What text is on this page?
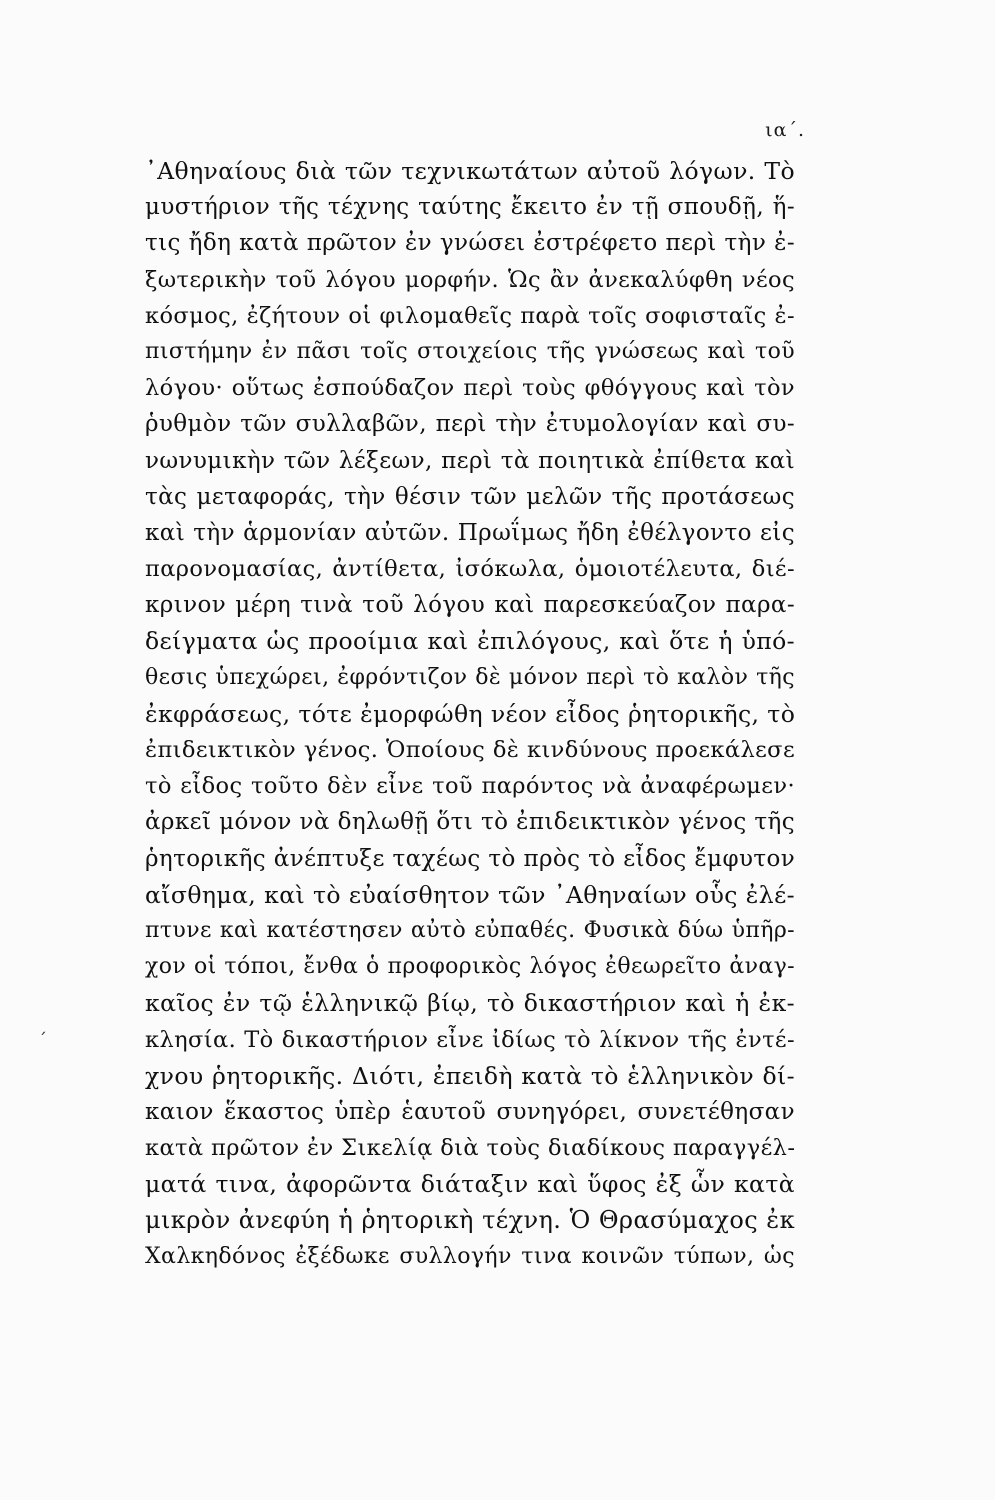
ια΄.
´
᾿Αθηναίους διὰ τῶν τεχνικωτάτων αὐτοῦ λόγων. Τὸ
μυστήριον τῆς τέχνης ταύτης ἔκειτο ἐν τῇ σπουδῇ, ἥ-
τις ἤδη κατὰ πρῶτον ἐν γνώσει ἐστρέφετο περὶ τὴν ἐ-
ξωτερικὴν τοῦ λόγου μορφήν. Ὡς ἂν ἀνεκαλύφθη νέος
κόσμος, ἐζήτουν οἱ φιλομαθεῖς παρὰ τοῖς σοφισταῖς ἐ-
πιστήμην ἐν πᾶσι τοῖς στοιχείοις τῆς γνώσεως καὶ τοῦ
λόγου· οὕτως ἐσπούδαζον περὶ τοὺς φθόγγους καὶ τὸν
ῥυθμὸν τῶν συλλαβῶν, περὶ τὴν ἐτυμολογίαν καὶ συ-
νωνυμικὴν τῶν λέξεων, περὶ τὰ ποιητικὰ ἐπίθετα καὶ
τὰς μεταφοράς, τὴν θέσιν τῶν μελῶν τῆς προτάσεως
καὶ τὴν ἁρμονίαν αὐτῶν. Πρωΐμως ἤδη ἐθέλγοντο εἰς
παρονομασίας, ἀντίθετα, ἰσόκωλα, ὁμοιοτέλευτα, διέ-
κρινον μέρη τινὰ τοῦ λόγου καὶ παρεσκεύαζον παρα-
δείγματα ὡς προοίμια καὶ ἐπιλόγους, καὶ ὅτε ἡ ὑπό-
θεσις ὑπεχώρει, ἐφρόντιζον δὲ μόνον περὶ τὸ καλὸν τῆς
ἐκφράσεως, τότε ἐμορφώθη νέον εἶδος ῥητορικῆς, τὸ
ἐπιδεικτικὸν γένος. Ὁποίους δὲ κινδύνους προεκάλεσε
τὸ εἶδος τοῦτο δὲν εἶνε τοῦ παρόντος νὰ ἀναφέρωμεν·
ἀρκεῖ μόνον νὰ δηλωθῇ ὅτι τὸ ἐπιδεικτικὸν γένος τῆς
ῥητορικῆς ἀνέπτυξε ταχέως τὸ πρὸς τὸ εἶδος ἔμφυτον
αἴσθημα, καὶ τὸ εὐαίσθητον τῶν ᾿Αθηναίων οὗς ἐλέ-
πτυνε καὶ κατέστησεν αὐτὸ εὐπαθές. Φυσικὰ δύω ὑπῆρ-
χον οἱ τόποι, ἔνθα ὁ προφορικὸς λόγος ἐθεωρεῖτο ἀναγ-
καῖος ἐν τῷ ἑλληνικῷ βίῳ, τὸ δικαστήριον καὶ ἡ ἐκ-
κλησία. Τὸ δικαστήριον εἶνε ἰδίως τὸ λίκνον τῆς ἐντέ-
χνου ῥητορικῆς. Διότι, ἐπειδὴ κατὰ τὸ ἑλληνικὸν δί-
καιον ἕκαστος ὑπὲρ ἑαυτοῦ συνηγόρει, συνετέθησαν
κατὰ πρῶτον ἐν Σικελίᾳ διὰ τοὺς διαδίκους παραγγέλ-
ματά τινα, ἀφορῶντα διάταξιν καὶ ὕφος ἐξ ὧν κατὰ
μικρὸν ἀνεφύη ἡ ῥητορικὴ τέχνη. Ὁ Θρασύμαχος ἐκ
Χαλκηδόνος ἐξέδωκε συλλογήν τινα κοινῶν τύπων, ὡς
